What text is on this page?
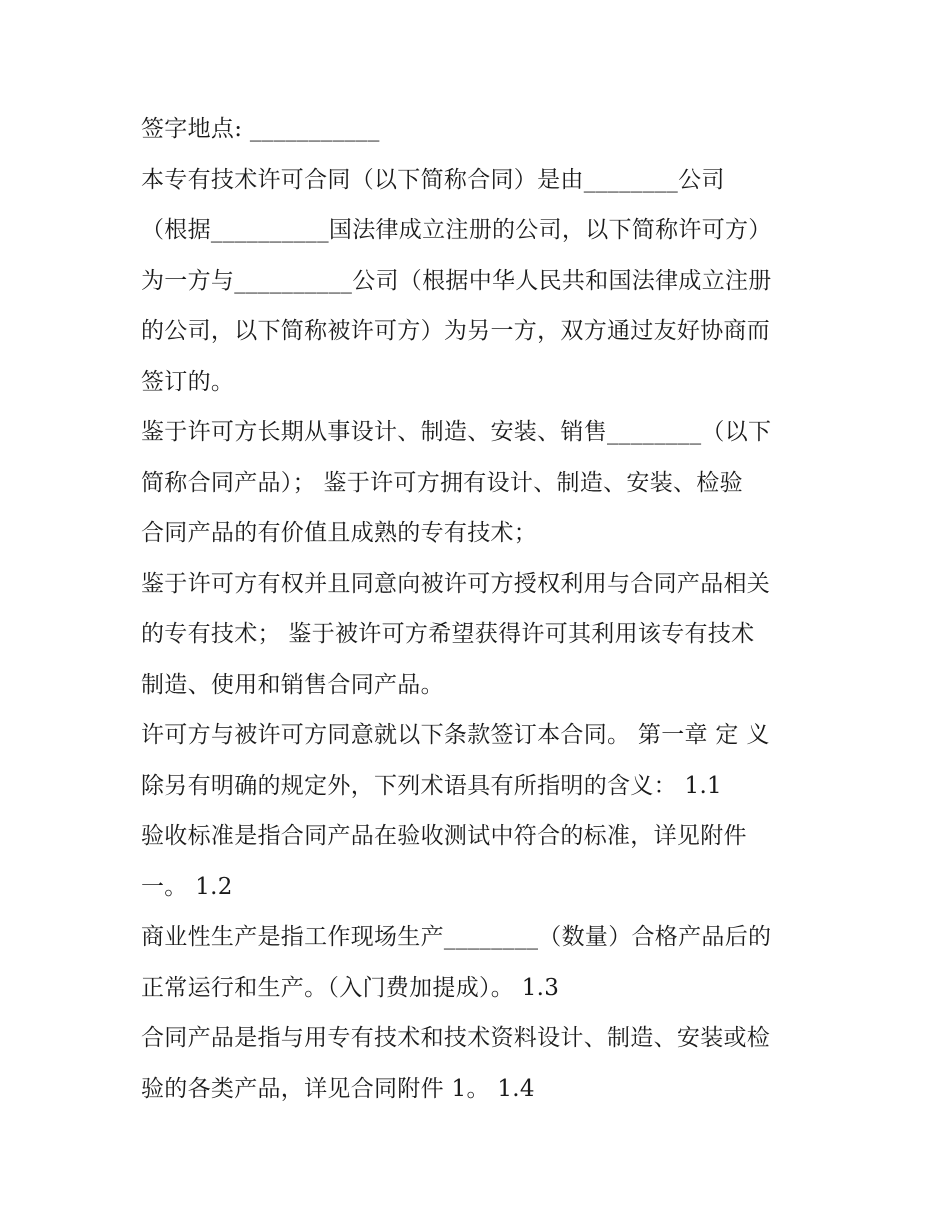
签字地点: ___________
本专有技术许可合同（以下简称合同）是由________公司
（根据__________国法律成立注册的公司，以下简称许可方）
为一方与__________公司（根据中华人民共和国法律成立注册
的公司，以下简称被许可方）为另一方，双方通过友好协商而
签订的。
鉴于许可方长期从事设计、制造、安装、销售________（以下
简称合同产品）； 鉴于许可方拥有设计、制造、安装、检验
合同产品的有价值且成熟的专有技术；
鉴于许可方有权并且同意向被许可方授权利用与合同产品相关
的专有技术； 鉴于被许可方希望获得许可其利用该专有技术
制造、使用和销售合同产品。
许可方与被许可方同意就以下条款签订本合同。 第一章 定 义
除另有明确的规定外，下列术语具有所指明的含义： 1.1
验收标准是指合同产品在验收测试中符合的标准，详见附件
一。 1.2
商业性生产是指工作现场生产________（数量）合格产品后的
正常运行和生产。（入门费加提成）。 1.3
合同产品是指与用专有技术和技术资料设计、制造、安装或检
验的各类产品，详见合同附件 1。 1.4
